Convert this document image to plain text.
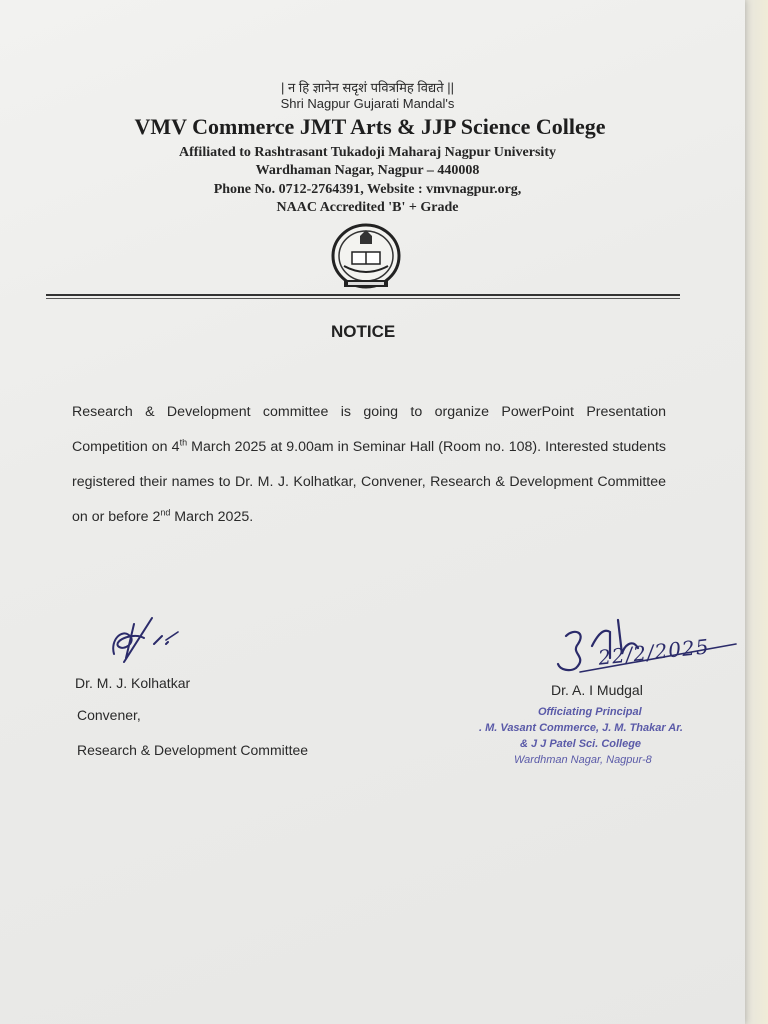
| न हि ज्ञानेन सदृशं पवित्रमिह विद्यते ||
Shri Nagpur Gujarati Mandal's
VMV Commerce JMT Arts & JJP Science College
Affiliated to Rashtrasant Tukadoji Maharaj Nagpur University
Wardhaman Nagar, Nagpur – 440008
Phone No. 0712-2764391, Website : vmvnagpur.org,
NAAC Accredited 'B' + Grade
NOTICE
Research & Development committee is going to organize PowerPoint Presentation Competition on 4th March 2025 at 9.00am in Seminar Hall (Room no. 108). Interested students registered their names to Dr. M. J. Kolhatkar, Convener, Research & Development Committee on or before 2nd March 2025.
Dr. M. J. Kolhatkar
Convener,
Research & Development Committee
22/2/2025
Dr. A. I Mudgal
Officiating Principal
. M. Vasant Commerce, J. M. Thakar Ar.
& J J Patel Sci. College
Wardhman Nagar, Nagpur-8
